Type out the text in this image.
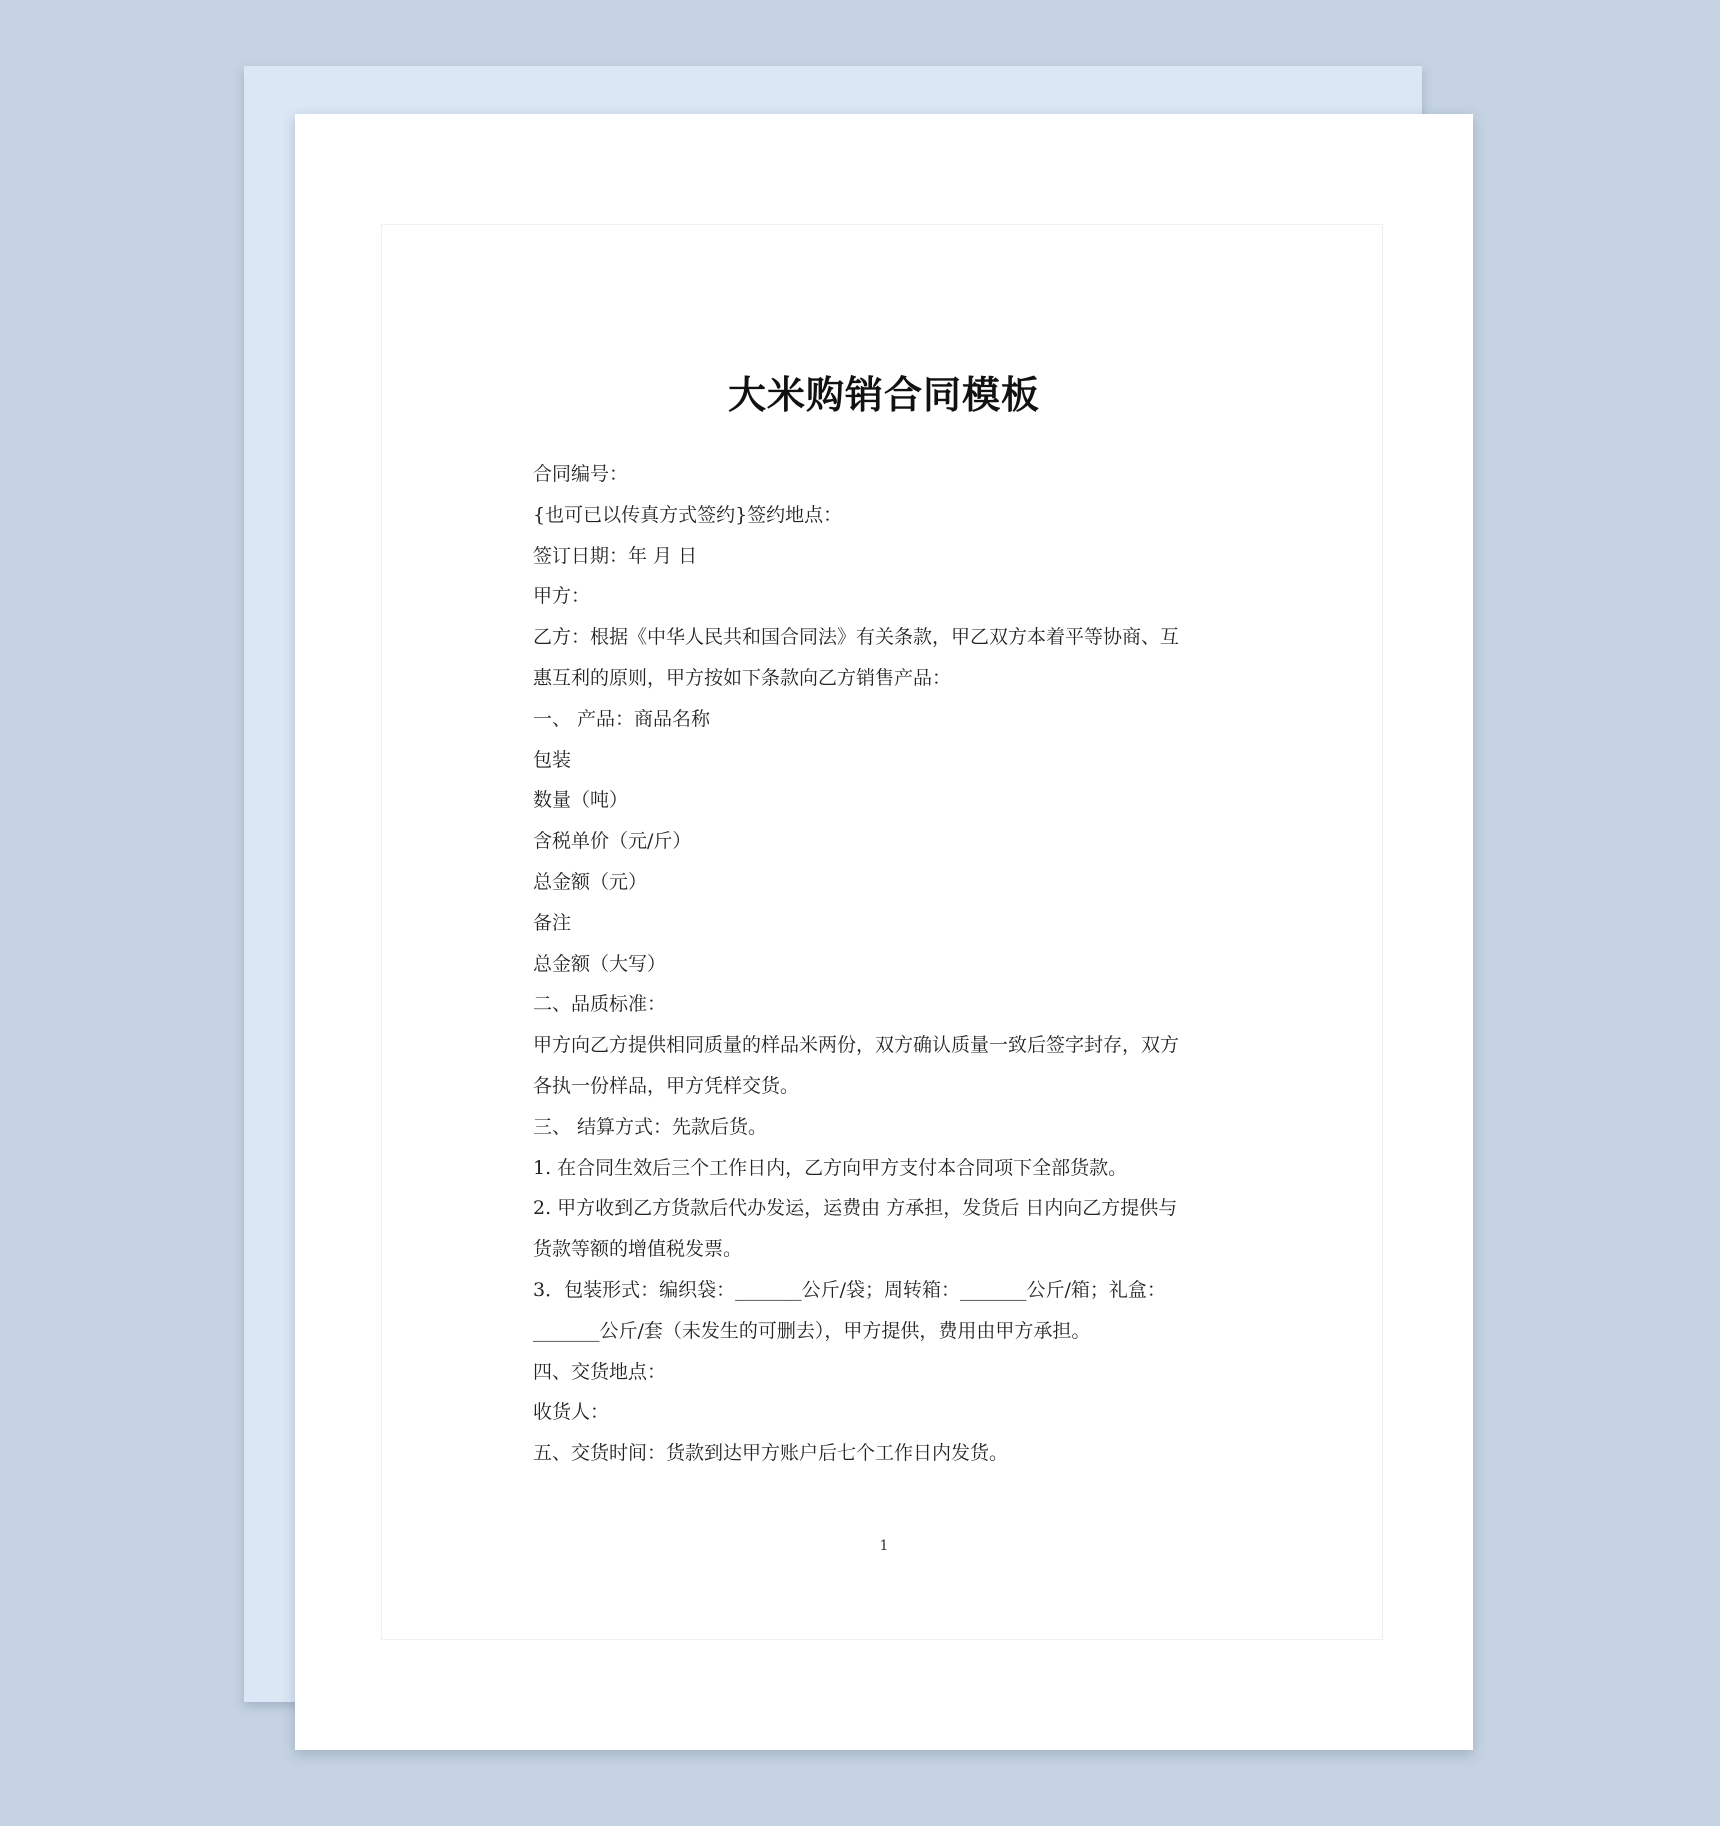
大米购销合同模板

合同编号：

{也可已以传真方式签约}签约地点：

签订日期：年 月 日

甲方：

乙方：根据《中华人民共和国合同法》有关条款，甲乙双方本着平等协商、互

惠互利的原则，甲方按如下条款向乙方销售产品：

一、 产品：商品名称

包装

数量（吨）

含税单价（元/斤）

总金额（元）

备注

总金额（大写）

二、品质标准：

甲方向乙方提供相同质量的样品米两份，双方确认质量一致后签字封存，双方

各执一份样品，甲方凭样交货。

三、 结算方式：先款后货。

1. 在合同生效后三个工作日内，乙方向甲方支付本合同项下全部货款。

2. 甲方收到乙方货款后代办发运，运费由 方承担，发货后 日内向乙方提供与

货款等额的增值税发票。

3．包装形式：编织袋：_______公斤/袋；周转箱：_______公斤/箱；礼盒：

_______公斤/套（未发生的可删去），甲方提供，费用由甲方承担。

四、交货地点：

收货人：

五、交货时间：货款到达甲方账户后七个工作日内发货。

1
